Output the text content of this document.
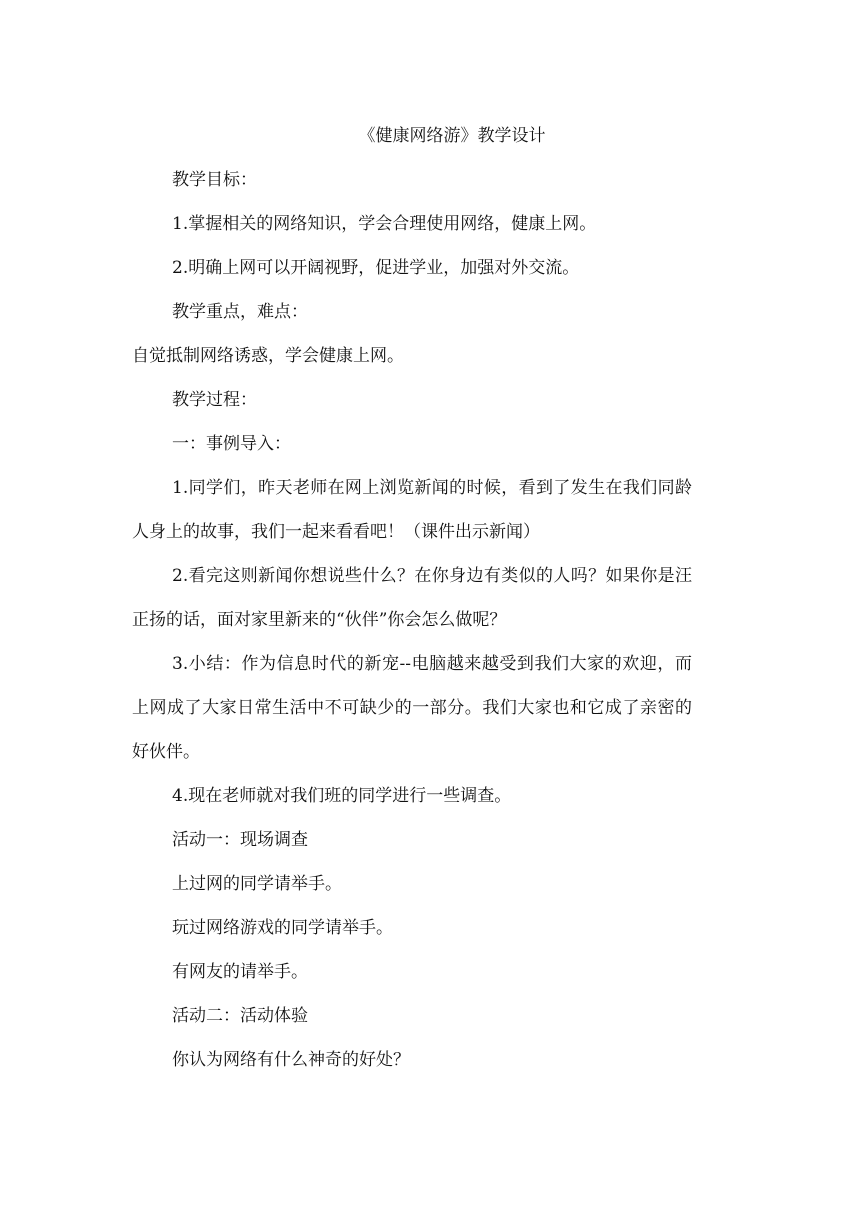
《健康网络游》教学设计

教学目标：

1.掌握相关的网络知识，学会合理使用网络，健康上网。

2.明确上网可以开阔视野，促进学业，加强对外交流。

教学重点，难点：

自觉抵制网络诱惑，学会健康上网。

教学过程：

一：事例导入：

1.同学们，昨天老师在网上浏览新闻的时候，看到了发生在我们同龄人身上的故事，我们一起来看看吧！（课件出示新闻）

2.看完这则新闻你想说些什么？在你身边有类似的人吗？如果你是汪正扬的话，面对家里新来的“伙伴”你会怎么做呢？

3.小结：作为信息时代的新宠--电脑越来越受到我们大家的欢迎，而上网成了大家日常生活中不可缺少的一部分。我们大家也和它成了亲密的好伙伴。

4.现在老师就对我们班的同学进行一些调查。

活动一：现场调查

上过网的同学请举手。

玩过网络游戏的同学请举手。

有网友的请举手。

活动二：活动体验

你认为网络有什么神奇的好处？
